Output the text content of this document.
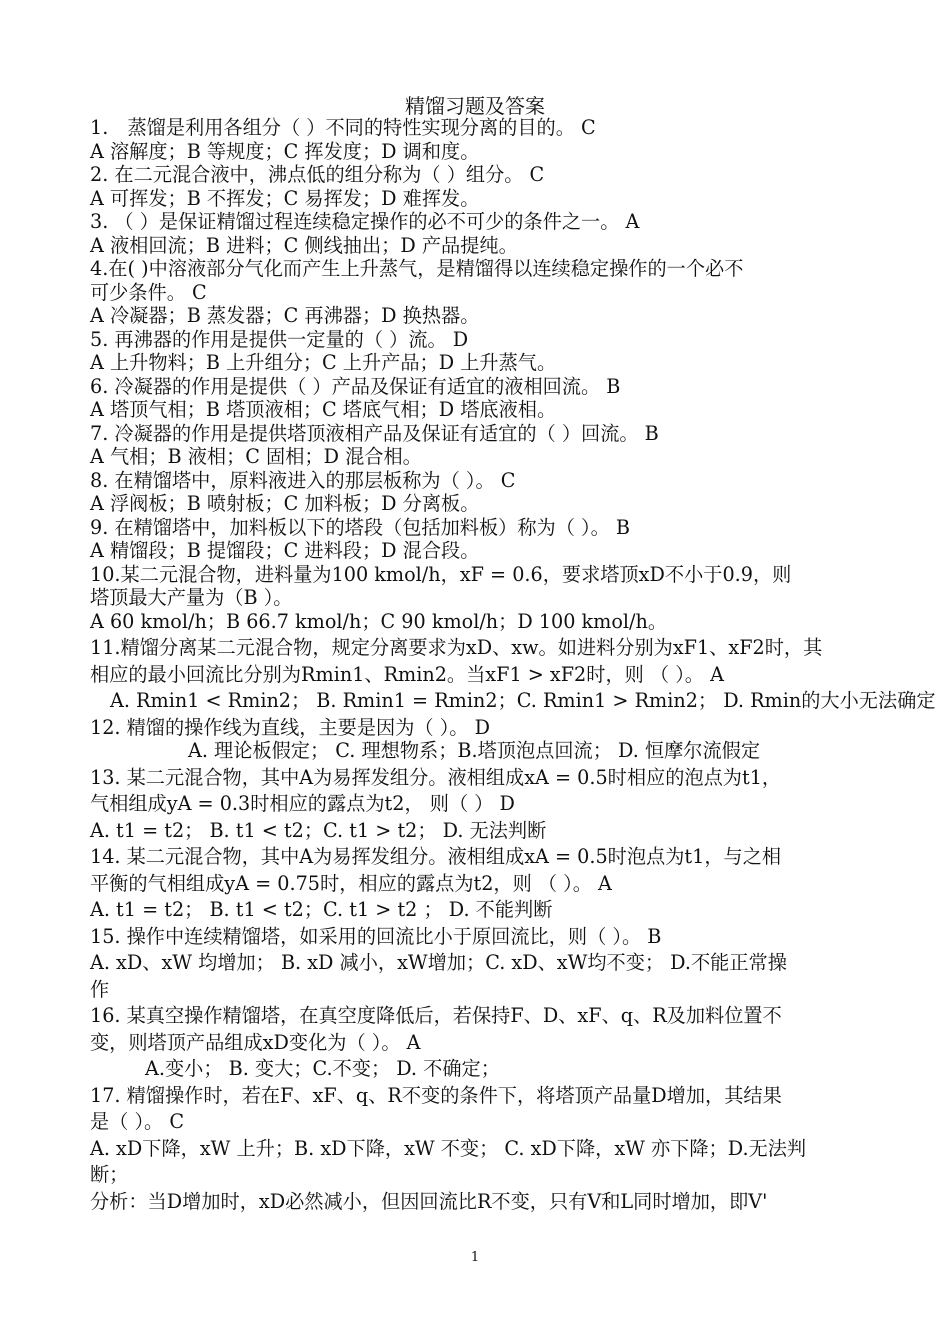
精馏习题及答案
1.　蒸馏是利用各组分（ ）不同的特性实现分离的目的。 C
A 溶解度；B 等规度；C 挥发度；D 调和度。
2. 在二元混合液中，沸点低的组分称为（ ）组分。 C
A 可挥发；B 不挥发；C 易挥发；D 难挥发。
3. （ ）是保证精馏过程连续稳定操作的必不可少的条件之一。 A
A 液相回流；B 进料；C 侧线抽出；D 产品提纯。
4.在( )中溶液部分气化而产生上升蒸气，是精馏得以连续稳定操作的一个必不
可少条件。 C
A 冷凝器；B 蒸发器；C 再沸器；D 换热器。
5. 再沸器的作用是提供一定量的（ ）流。 D
A 上升物料；B 上升组分；C 上升产品；D 上升蒸气。
6. 冷凝器的作用是提供（ ）产品及保证有适宜的液相回流。 B
A 塔顶气相；B 塔顶液相；C 塔底气相；D 塔底液相。
7. 冷凝器的作用是提供塔顶液相产品及保证有适宜的（ ）回流。 B
A 气相；B 液相；C 固相；D 混合相。
8. 在精馏塔中，原料液进入的那层板称为（ ）。 C
A 浮阀板；B 喷射板；C 加料板；D 分离板。
9. 在精馏塔中，加料板以下的塔段（包括加料板）称为（ ）。 B
A 精馏段；B 提馏段；C 进料段；D 混合段。
10.某二元混合物，进料量为100 kmol/h，xF = 0.6，要求塔顶xD不小于0.9，则
塔顶最大产量为（B ）。
A 60 kmol/h；B 66.7 kmol/h；C 90 kmol/h；D 100 kmol/h。
11.精馏分离某二元混合物，规定分离要求为xD、xw。如进料分别为xF1、xF2时，其
相应的最小回流比分别为Rmin1、Rmin2。当xF1 > xF2时，则 （ ）。 A
A. Rmin1 < Rmin2； B. Rmin1 = Rmin2；C. Rmin1 > Rmin2； D. Rmin的大小无法确定
12. 精馏的操作线为直线，主要是因为（ ）。 D
A. 理论板假定； C. 理想物系；B.塔顶泡点回流； D. 恒摩尔流假定
13. 某二元混合物，其中A为易挥发组分。液相组成xA = 0.5时相应的泡点为t1，
气相组成yA = 0.3时相应的露点为t2， 则（ ） D
A. t1 = t2； B. t1 < t2；C. t1 > t2； D. 无法判断
14. 某二元混合物，其中A为易挥发组分。液相组成xA = 0.5时泡点为t1，与之相
平衡的气相组成yA = 0.75时，相应的露点为t2，则 （ ）。 A
A. t1 = t2； B. t1 < t2；C. t1 > t2 ； D. 不能判断
15. 操作中连续精馏塔，如采用的回流比小于原回流比，则（ ）。 B
A. xD、xW 均增加； B. xD 减小，xW增加；C. xD、xW均不变； D.不能正常操
作
16. 某真空操作精馏塔，在真空度降低后，若保持F、D、xF、q、R及加料位置不
变，则塔顶产品组成xD变化为（ ）。 A
A.变小； B. 变大；C.不变； D. 不确定；
17. 精馏操作时，若在F、xF、q、R不变的条件下，将塔顶产品量D增加，其结果
是（ ）。 C
A. xD下降，xW 上升；B. xD下降，xW 不变； C. xD下降，xW 亦下降；D.无法判
断；
分析：当D增加时，xD必然减小，但因回流比R不变，只有V和L同时增加，即V'
1
